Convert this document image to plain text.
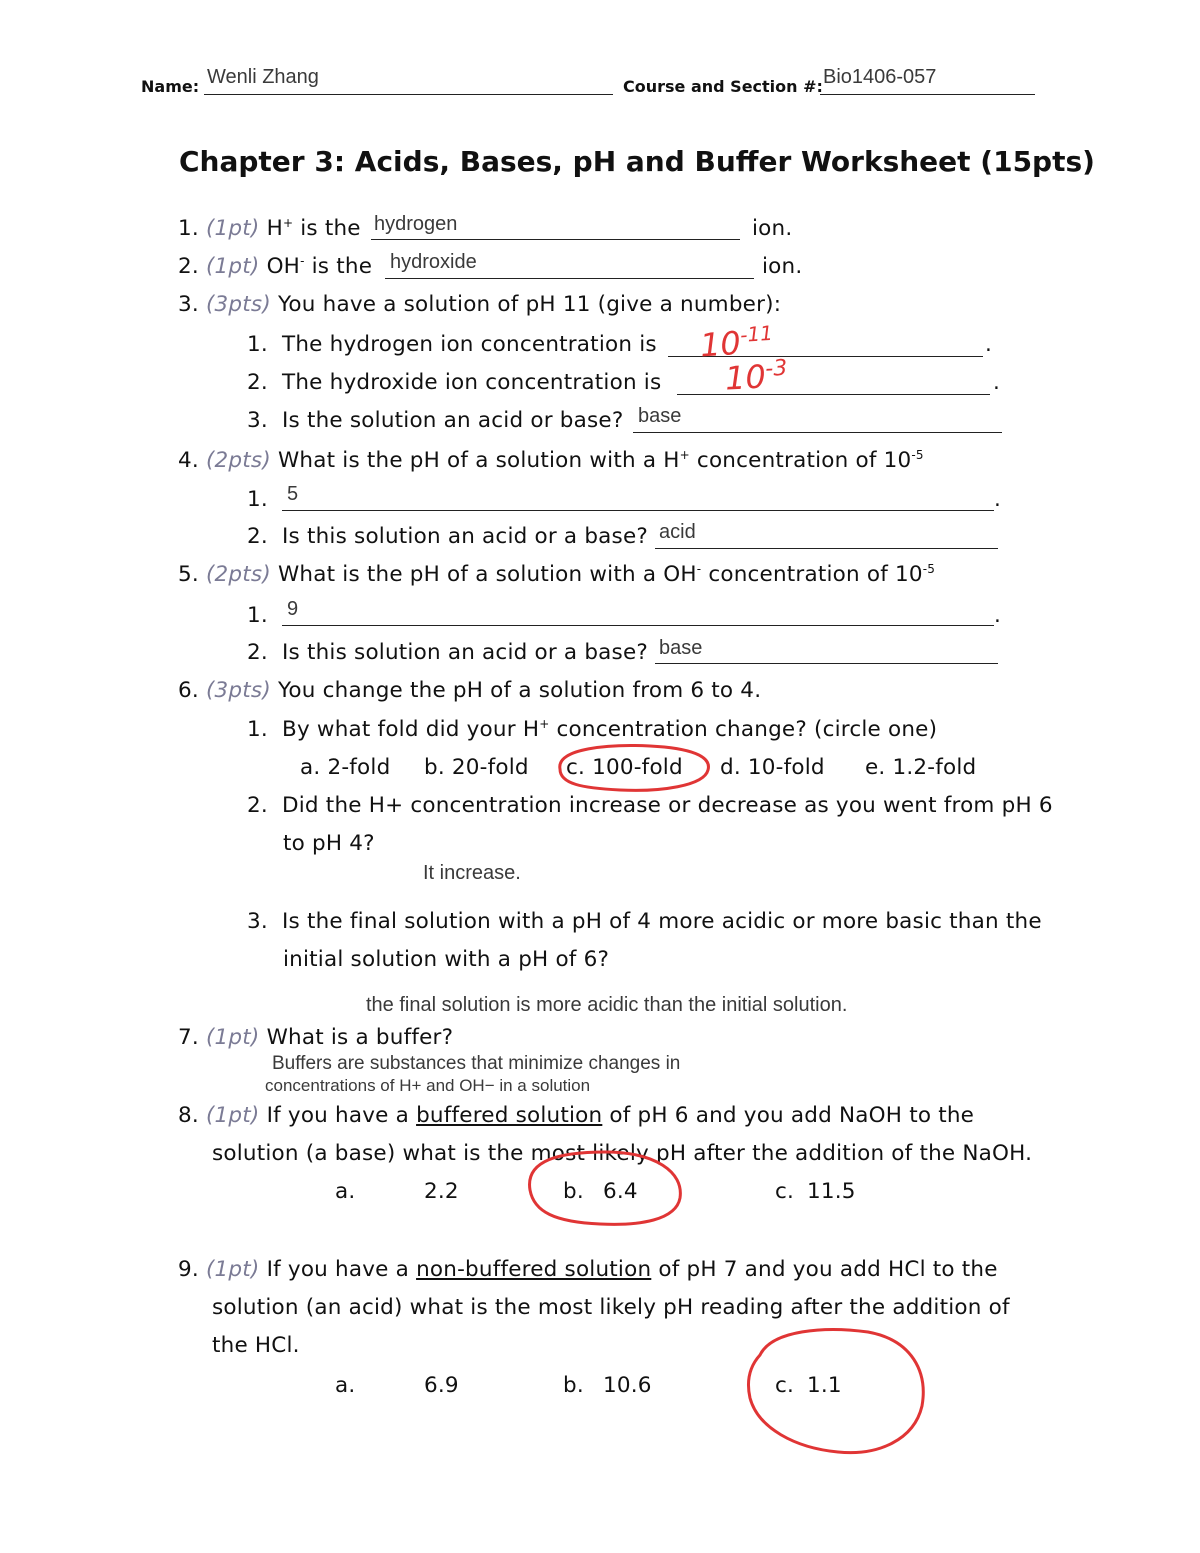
Name: Wenli Zhang	Course and Section #: Bio1406-057
Chapter 3: Acids, Bases, pH and Buffer Worksheet (15pts)
1. (1pt) H+ is the hydrogen	ion.
2. (1pt) OH- is the hydroxide	ion.
3. (3pts) You have a solution of pH 11 (give a number):
1. The hydrogen ion concentration is	.
$10^{-11}$
2. The hydroxide ion concentration is	.
$10^{-3}$
3. Is the solution an acid or base? base
4. (2pts) What is the pH of a solution with a H+ concentration of $10^{-5}$
1. 5	.
2. Is this solution an acid or a base? acid
5. (2pts) What is the pH of a solution with a OH- concentration of $10^{-5}$
1. 9	.
2. Is this solution an acid or a base? base
6. (3pts) You change the pH of a solution from 6 to 4.
1. By what fold did your H+ concentration change? (circle one)
a. 2-fold b. 20-fold c. 100-fold d. 10-fold e. 1.2-fold
2. Did the H+ concentration increase or decrease as you went from pH 6
to pH 4?
It increase.
3. Is the final solution with a pH of 4 more acidic or more basic than the
initial solution with a pH of 6?
the final solution is more acidic than the initial solution.
7. (1pt) What is a buffer?
Buffers are substances that minimize changes in
concentrations of H+ and OH− in a solution
8. (1pt) If you have a buffered solution of pH 6 and you add NaOH to the
solution (a base) what is the most likely pH after the addition of the NaOH.
a.	2.2	b. 6.4	c. 11.5
9. (1pt) If you have a non-buffered solution of pH 7 and you add HCl to the
solution (an acid) what is the most likely pH reading after the addition of
the HCl.
a.	6.9	b. 10.6	c. 1.1
